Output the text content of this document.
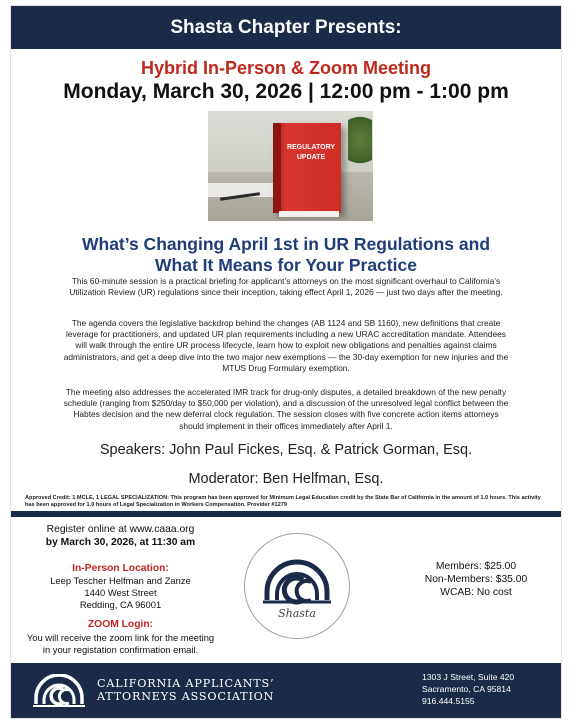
Shasta Chapter Presents:
Hybrid In-Person & Zoom Meeting
Monday, March 30, 2026 | 12:00 pm - 1:00 pm
REGULATORY
UPDATE
What’s Changing April 1st in UR Regulations and
What It Means for Your Practice
This 60-minute session is a practical briefing for applicant’s attorneys on the most significant overhaul to California’s Utilization Review (UR) regulations since their inception, taking effect April 1, 2026 — just two days after the meeting.
The agenda covers the legislative backdrop behind the changes (AB 1124 and SB 1160), new definitions that create leverage for practitioners, and updated UR plan requirements including a new URAC accreditation mandate. Attendees will walk through the entire UR process lifecycle, learn how to exploit new obligations and penalties against claims administrators, and get a deep dive into the two major new exemptions — the 30-day exemption for new injuries and the MTUS Drug Formulary exemption.
The meeting also addresses the accelerated IMR track for drug-only disputes, a detailed breakdown of the new penalty schedule (ranging from $250/day to $50,000 per violation), and a discussion of the unresolved legal conflict between the Habtes decision and the new deferral clock regulation. The session closes with five concrete action items attorneys should implement in their offices immediately after April 1.
Speakers: John Paul Fickes, Esq. & Patrick Gorman, Esq.
Moderator: Ben Helfman, Esq.
Approved Credit: 1 MCLE, 1 LEGAL SPECIALIZATION: This program has been approved for Minimum Legal Education credit by the State Bar of California in the amount of 1.0 hours. This activity has been approved for 1.0 hours of Legal Specialization in Workers Compensation. Provider #1279
Register online at www.caaa.org
by March 30, 2026, at 11:30 am
In-Person Location:
Leep Tescher Helfman and Zanze
1440 West Street
Redding, CA 96001
ZOOM Login:
You will receive the zoom link for the meeting
in your registation confirmation email.
Shasta
Members: $25.00
Non-Members: $35.00
WCAB: No cost
CALIFORNIA APPLICANTS’
ATTORNEYS ASSOCIATION
1303 J Street, Suite 420
Sacramento, CA 95814
916.444.5155
